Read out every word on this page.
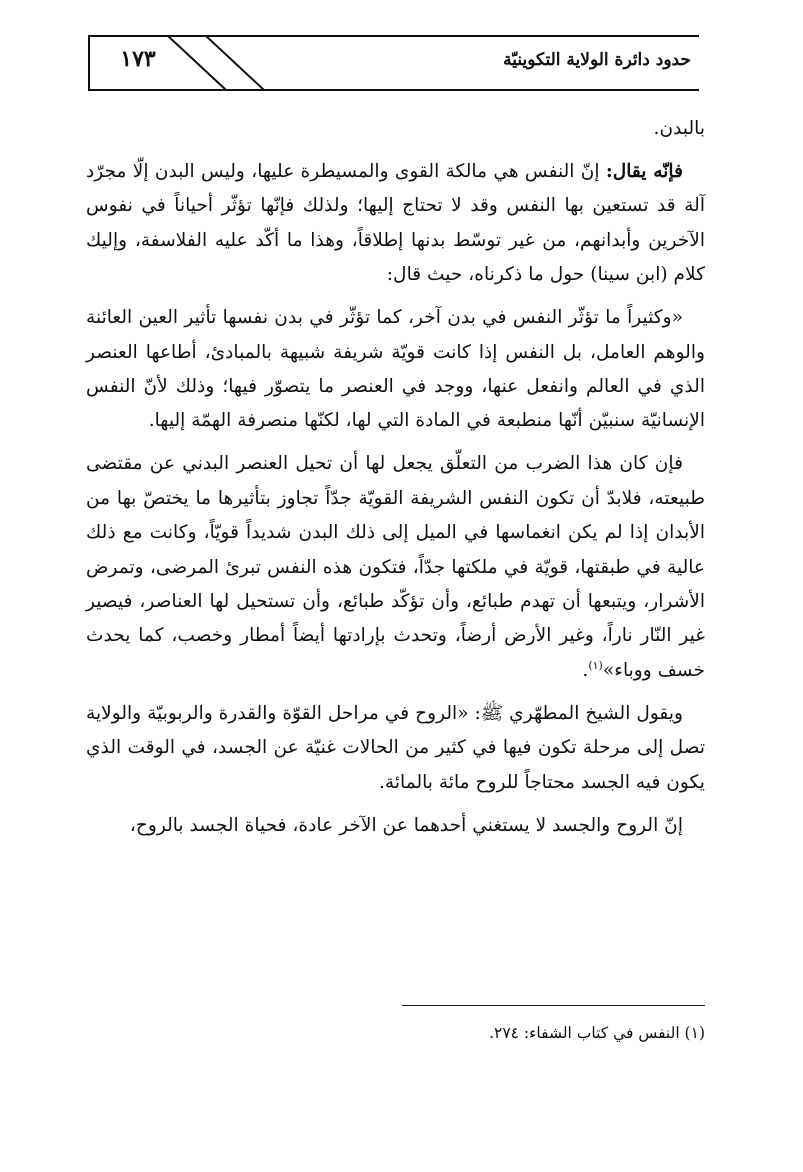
١٧٣	حدود دائرة الولاية التكوينيّة

بالبدن.

فإنّه يقال: إنّ النفس هي مالكة القوى والمسيطرة عليها، وليس البدن إلّا مجرّد آلة قد تستعين بها النفس وقد لا تحتاج إليها؛ ولذلك فإنّها تؤثّر أحياناً في نفوس الآخرين وأبدانهم، من غير توسّط بدنها إطلاقاً، وهذا ما أكّد عليه الفلاسفة، وإليك كلام (ابن سينا) حول ما ذكرناه، حيث قال:

«وكثيراً ما تؤثّر النفس في بدن آخر، كما تؤثّر في بدن نفسها تأثير العين العائنة والوهم العامل، بل النفس إذا كانت قويّة شريفة شبيهة بالمبادئ، أطاعها العنصر الذي في العالم وانفعل عنها، ووجد في العنصر ما يتصوّر فيها؛ وذلك لأنّ النفس الإنسانيّة سنبيّن أنّها منطبعة في المادة التي لها، لكنّها منصرفة الهمّة إليها.

فإن كان هذا الضرب من التعلّق يجعل لها أن تحيل العنصر البدني عن مقتضى طبيعته، فلابدّ أن تكون النفس الشريفة القويّة جدّاً تجاوز بتأثيرها ما يختصّ بها من الأبدان إذا لم يكن انغماسها في الميل إلى ذلك البدن شديداً قويّاً، وكانت مع ذلك عالية في طبقتها، قويّة في ملكتها جدّاً، فتكون هذه النفس تبرئ المرضى، وتمرض الأشرار، ويتبعها أن تهدم طبائع، وأن تؤكّد طبائع، وأن تستحيل لها العناصر، فيصير غير النّار ناراً، وغير الأرض أرضاً، وتحدث بإرادتها أيضاً أمطار وخصب، كما يحدث خسف ووباء»$^{(١)}$.

ويقول الشيخ المطهّري ﷺ: «الروح في مراحل القوّة والقدرة والربوبيّة والولاية تصل إلى مرحلة تكون فيها في كثير من الحالات غنيّة عن الجسد، في الوقت الذي يكون فيه الجسد محتاجاً للروح مائة بالمائة.

إنّ الروح والجسد لا يستغني أحدهما عن الآخر عادة، فحياة الجسد بالروح،

(١) النفس في كتاب الشفاء: ٢٧٤.
